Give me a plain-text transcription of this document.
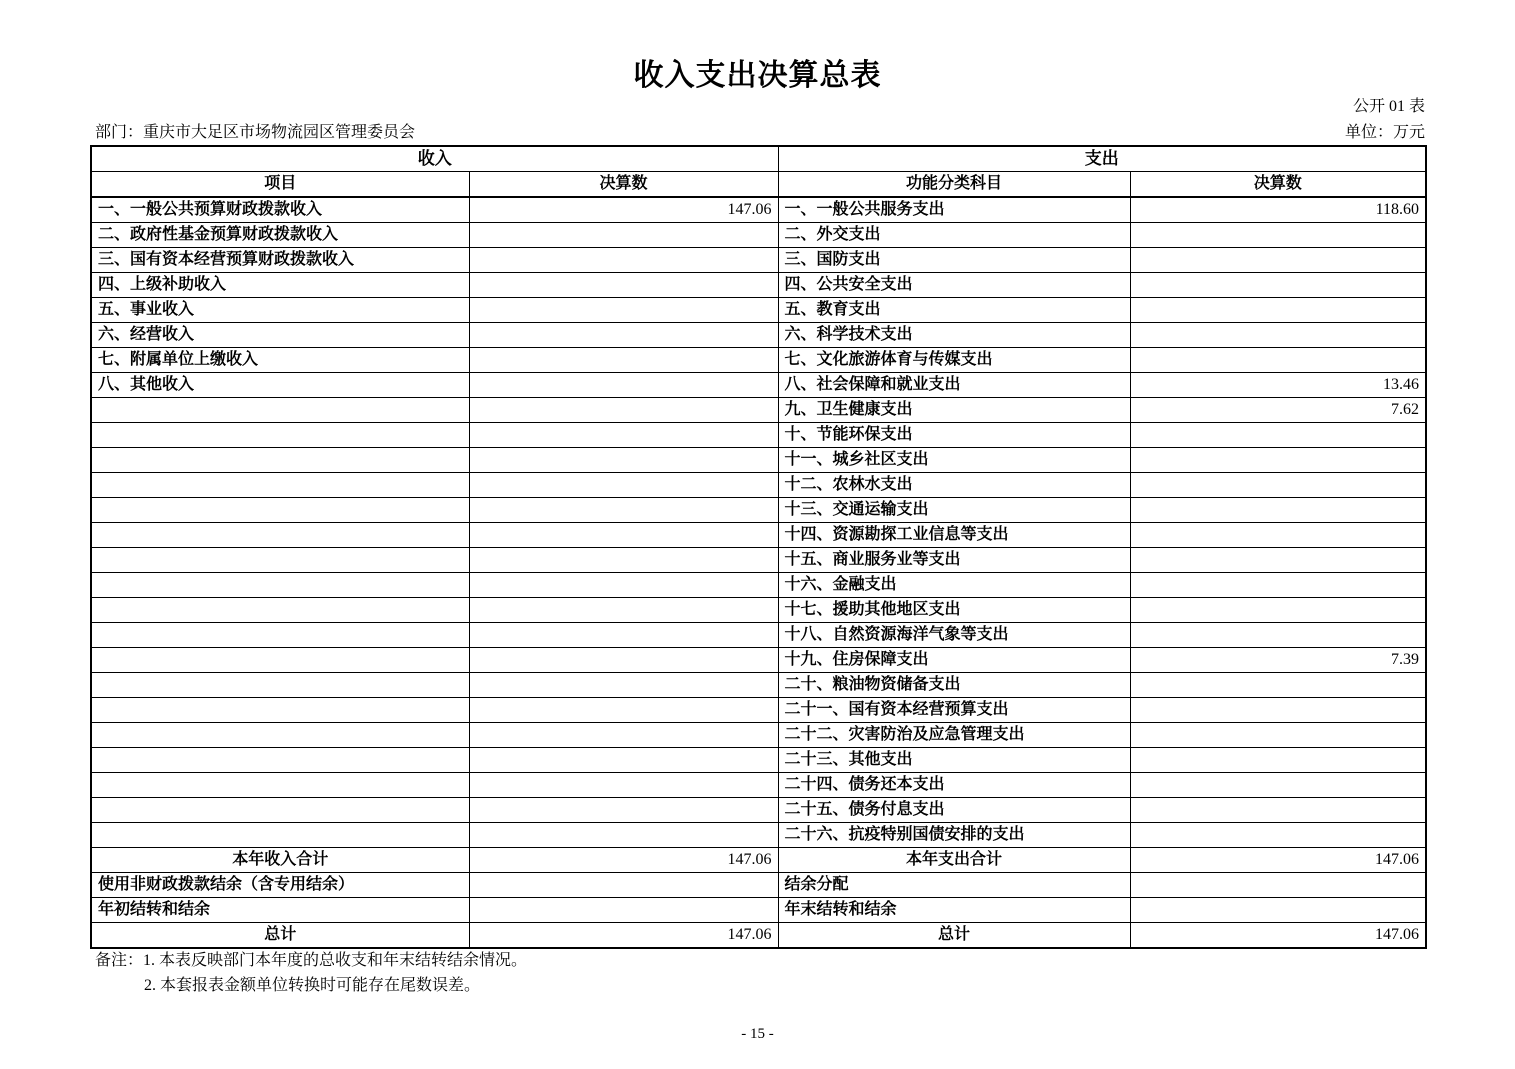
收入支出决算总表
公开 01 表
部门：重庆市大足区市场物流园区管理委员会	单位：万元
收入		支出	
项目	决算数	功能分类科目	决算数
一、一般公共预算财政拨款收入	147.06	一、一般公共服务支出	118.60
二、政府性基金预算财政拨款收入		二、外交支出	
三、国有资本经营预算财政拨款收入		三、国防支出	
四、上级补助收入		四、公共安全支出	
五、事业收入		五、教育支出	
六、经营收入		六、科学技术支出	
七、附属单位上缴收入		七、文化旅游体育与传媒支出	
八、其他收入		八、社会保障和就业支出	13.46
		九、卫生健康支出	7.62
		十、节能环保支出	
		十一、城乡社区支出	
		十二、农林水支出	
		十三、交通运输支出	
		十四、资源勘探工业信息等支出	
		十五、商业服务业等支出	
		十六、金融支出	
		十七、援助其他地区支出	
		十八、自然资源海洋气象等支出	
		十九、住房保障支出	7.39
		二十、粮油物资储备支出	
		二十一、国有资本经营预算支出	
		二十二、灾害防治及应急管理支出	
		二十三、其他支出	
		二十四、债务还本支出	
		二十五、债务付息支出	
		二十六、抗疫特别国债安排的支出	
本年收入合计	147.06	本年支出合计	147.06
使用非财政拨款结余（含专用结余）		结余分配	
年初结转和结余		年末结转和结余	
总计	147.06	总计	147.06
备注：1. 本表反映部门本年度的总收支和年末结转结余情况。
2. 本套报表金额单位转换时可能存在尾数误差。
- 15 -
